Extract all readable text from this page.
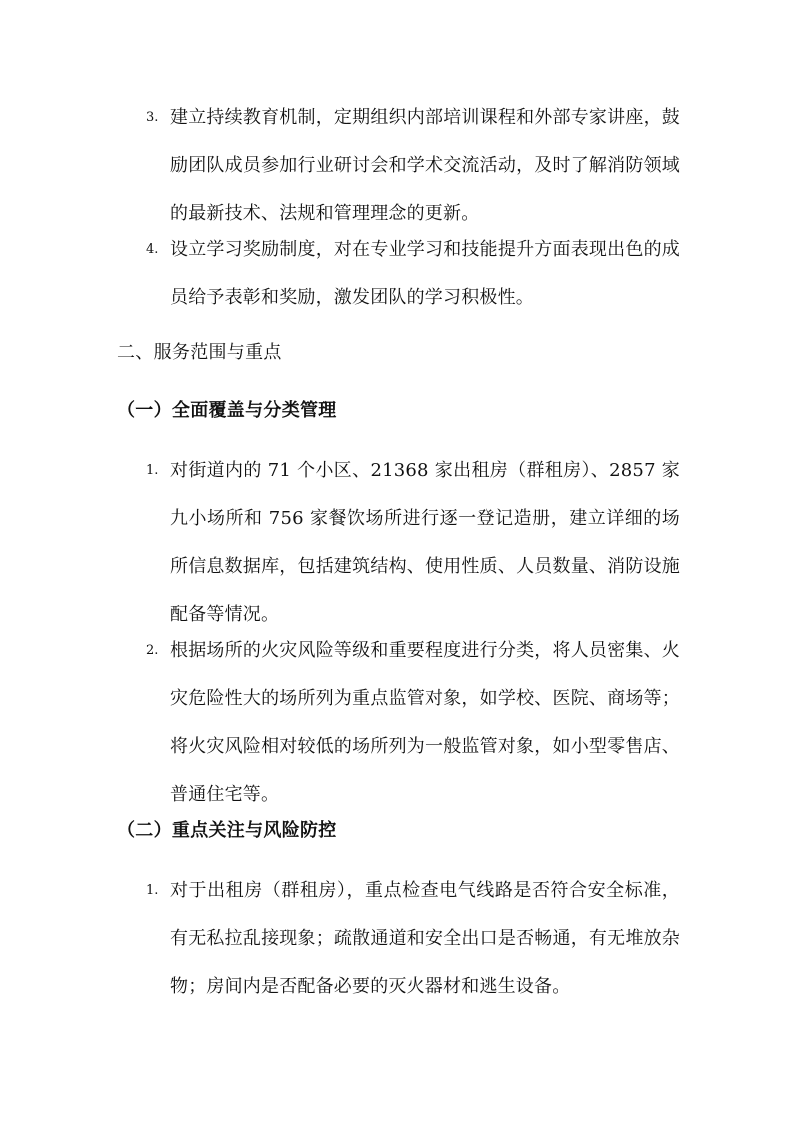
3. 建立持续教育机制，定期组织内部培训课程和外部专家讲座，鼓励团队成员参加行业研讨会和学术交流活动，及时了解消防领域的最新技术、法规和管理理念的更新。
4. 设立学习奖励制度，对在专业学习和技能提升方面表现出色的成员给予表彰和奖励，激发团队的学习积极性。
二、服务范围与重点
（一）全面覆盖与分类管理
1. 对街道内的 71 个小区、21368 家出租房（群租房）、2857 家九小场所和 756 家餐饮场所进行逐一登记造册，建立详细的场所信息数据库，包括建筑结构、使用性质、人员数量、消防设施配备等情况。
2. 根据场所的火灾风险等级和重要程度进行分类，将人员密集、火灾危险性大的场所列为重点监管对象，如学校、医院、商场等；将火灾风险相对较低的场所列为一般监管对象，如小型零售店、普通住宅等。
（二）重点关注与风险防控
1. 对于出租房（群租房），重点检查电气线路是否符合安全标准，有无私拉乱接现象；疏散通道和安全出口是否畅通，有无堆放杂物；房间内是否配备必要的灭火器材和逃生设备。
